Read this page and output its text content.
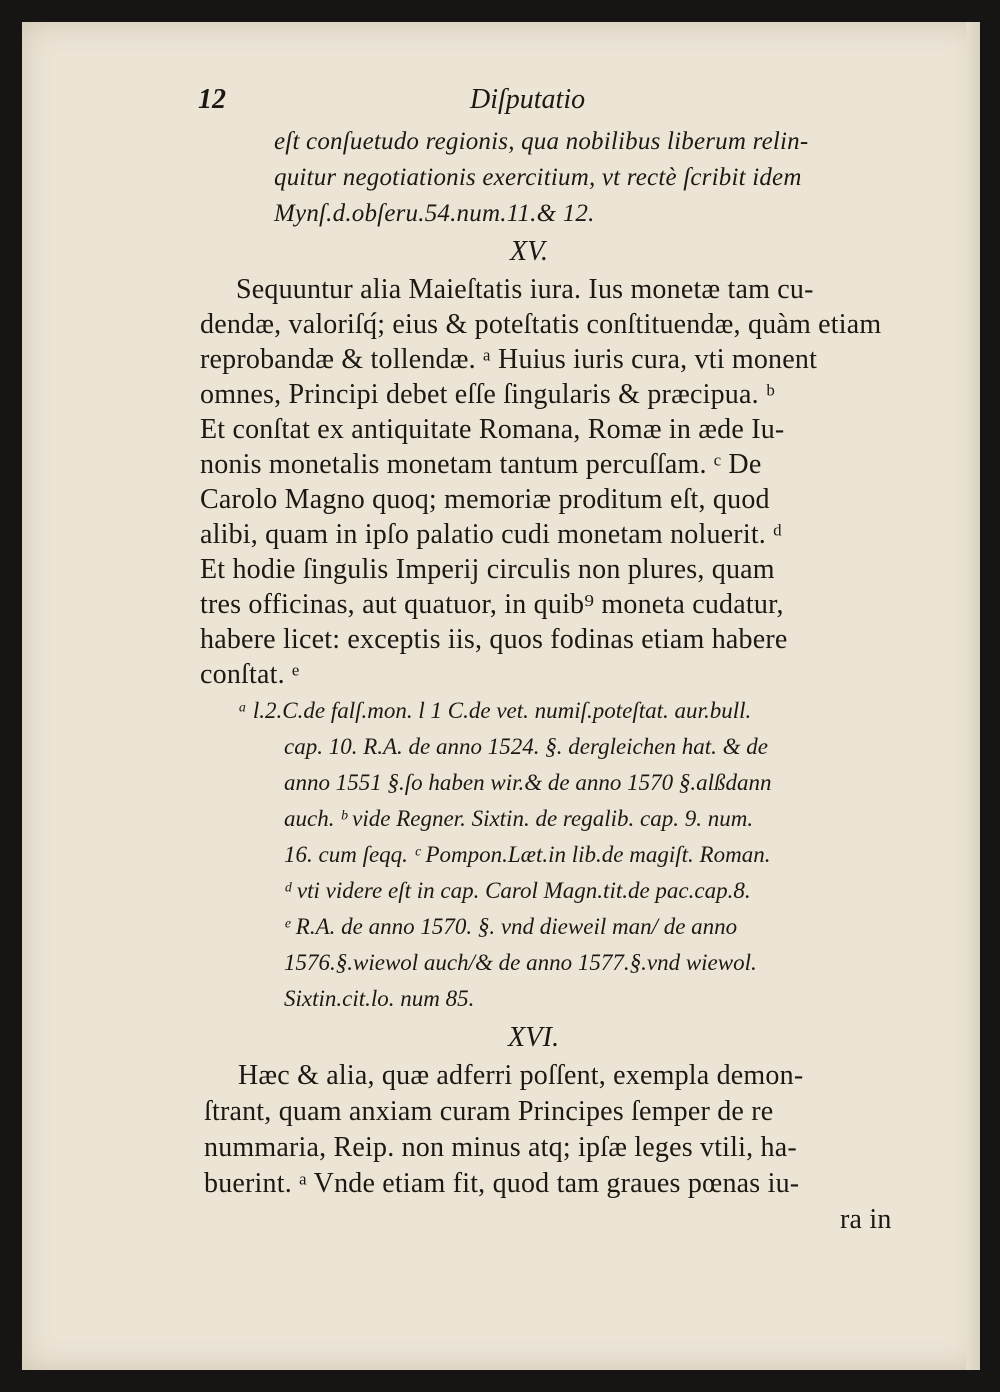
12	Diſputatio
eſt conſuetudo regionis, qua nobilibus liberum relin-
quitur negotiationis exercitium, vt rectè ſcribit idem
Mynſ.d.obſeru.54.num.11.& 12.
XV.
Sequuntur alia Maieſtatis iura. Ius monetæ tam cu-
dendæ, valoriſq́; eius & poteſtatis conſtituendæ, quàm etiam
reprobandæ & tollendæ. ᵃ Huius iuris cura, vti monent
omnes, Principi debet eſſe ſingularis & præcipua. ᵇ
Et conſtat ex antiquitate Romana, Romæ in æde Iu-
nonis monetalis monetam tantum percuſſam. ᶜ De
Carolo Magno quoq; memoriæ proditum eſt, quod
alibi, quam in ipſo palatio cudi monetam noluerit. ᵈ
Et hodie ſingulis Imperij circulis non plures, quam
tres officinas, aut quatuor, in quib⁹ moneta cudatur,
habere licet: exceptis iis, quos fodinas etiam habere
conſtat. ᵉ
ᵃ l.2.C.de falſ.mon. l 1 C.de vet. numiſ.poteſtat. aur.bull.
cap. 10. R.A. de anno 1524. §. dergleichen hat. & de
anno 1551 §.ſo haben wir.& de anno 1570 §.alßdann
auch. ᵇ vide Regner. Sixtin. de regalib. cap. 9. num.
16. cum ſeqq. ᶜ Pompon.Læt.in lib.de magiſt. Roman.
ᵈ vti videre eſt in cap. Carol Magn.tit.de pac.cap.8.
ᵉ R.A. de anno 1570. §. vnd dieweil man/ de anno
1576.§.wiewol auch/& de anno 1577.§.vnd wiewol.
Sixtin.cit.lo. num 85.
XVI.
Hæc & alia, quæ adferri poſſent, exempla demon-
ſtrant, quam anxiam curam Principes ſemper de re
nummaria, Reip. non minus atq; ipſæ leges vtili, ha-
buerint. ᵃ Vnde etiam fit, quod tam graues pœnas iu-
ra in
